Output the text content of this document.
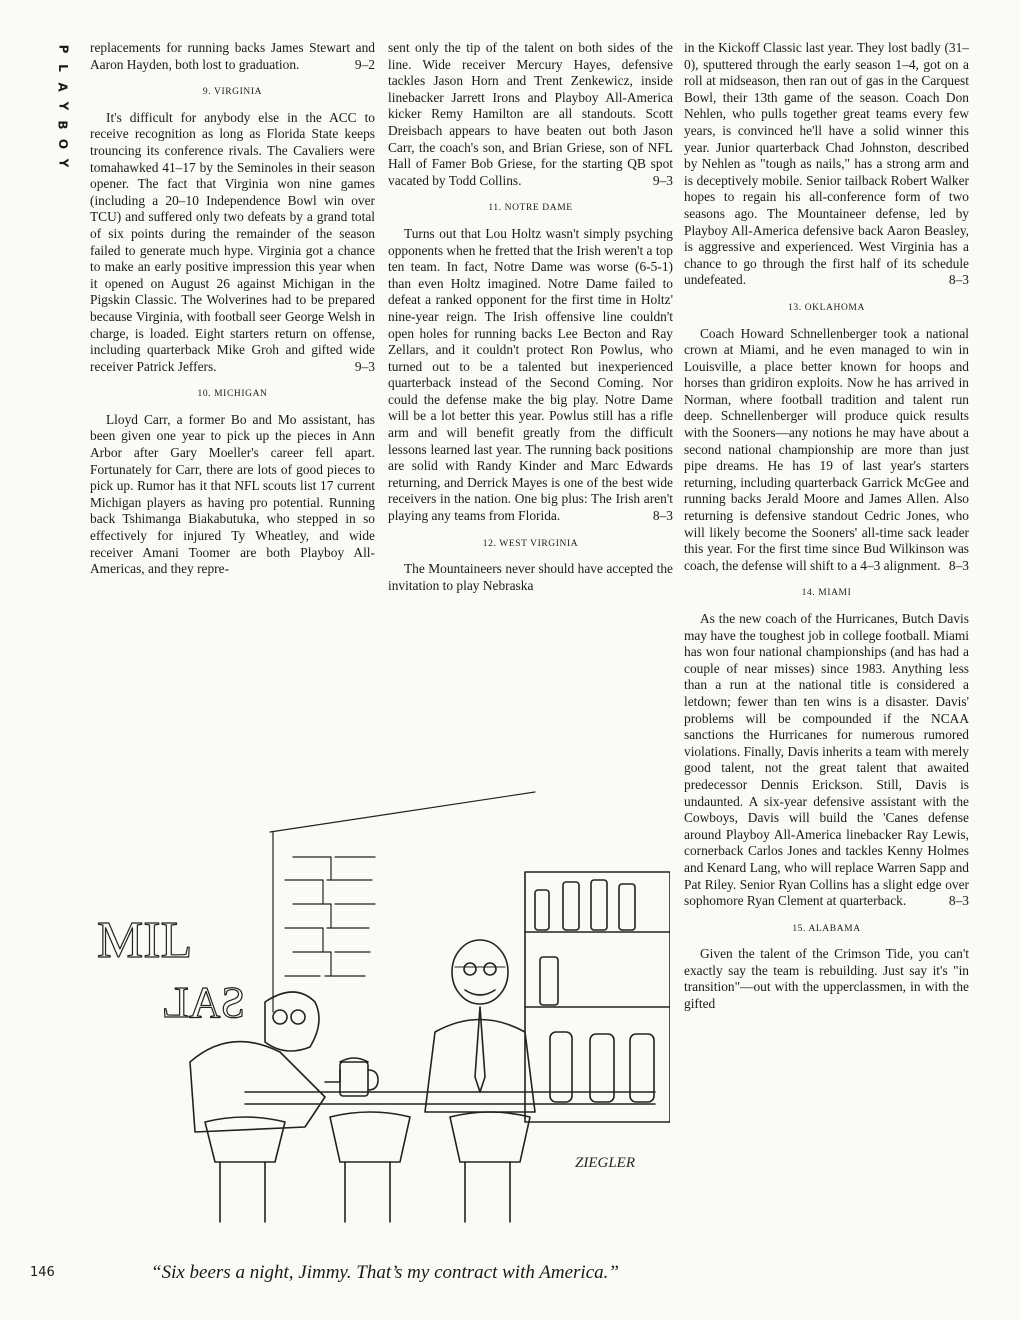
P
L
A
Y
B
O
Y

replacements for running backs James Stewart and Aaron Hayden, both lost to graduation.	9–2

9. VIRGINIA

It's difficult for anybody else in the ACC to receive recognition as long as Florida State keeps trouncing its conference rivals. The Cavaliers were tomahawked 41–17 by the Seminoles in their season opener. The fact that Virginia won nine games (including a 20–10 Independence Bowl win over TCU) and suffered only two defeats by a grand total of six points during the remainder of the season failed to generate much hype. Virginia got a chance to make an early positive impression this year when it opened on August 26 against Michigan in the Pigskin Classic. The Wolverines had to be prepared because Virginia, with football seer George Welsh in charge, is loaded. Eight starters return on offense, including quarterback Mike Groh and gifted wide receiver Patrick Jeffers.	9–3

10. MICHIGAN

Lloyd Carr, a former Bo and Mo assistant, has been given one year to pick up the pieces in Ann Arbor after Gary Moeller's career fell apart. Fortunately for Carr, there are lots of good pieces to pick up. Rumor has it that NFL scouts list 17 current Michigan players as having pro potential. Running back Tshimanga Biakabutuka, who stepped in so effectively for injured Ty Wheatley, and wide receiver Amani Toomer are both Playboy All-Americas, and they repre-

sent only the tip of the talent on both sides of the line. Wide receiver Mercury Hayes, defensive tackles Jason Horn and Trent Zenkewicz, inside linebacker Jarrett Irons and Playboy All-America kicker Remy Hamilton are all standouts. Scott Dreisbach appears to have beaten out both Jason Carr, the coach's son, and Brian Griese, son of NFL Hall of Famer Bob Griese, for the starting QB spot vacated by Todd Collins.	9–3

11. NOTRE DAME

Turns out that Lou Holtz wasn't simply psyching opponents when he fretted that the Irish weren't a top ten team. In fact, Notre Dame was worse (6-5-1) than even Holtz imagined. Notre Dame failed to defeat a ranked opponent for the first time in Holtz' nine-year reign. The Irish offensive line couldn't open holes for running backs Lee Becton and Ray Zellars, and it couldn't protect Ron Powlus, who turned out to be a talented but inexperienced quarterback instead of the Second Coming. Nor could the defense make the big play. Notre Dame will be a lot better this year. Powlus still has a rifle arm and will benefit greatly from the difficult lessons learned last year. The running back positions are solid with Randy Kinder and Marc Edwards returning, and Derrick Mayes is one of the best wide receivers in the nation. One big plus: The Irish aren't playing any teams from Florida.	8–3

12. WEST VIRGINIA

The Mountaineers never should have accepted the invitation to play Nebraska

in the Kickoff Classic last year. They lost badly (31–0), sputtered through the early season 1–4, got on a roll at midseason, then ran out of gas in the Carquest Bowl, their 13th game of the season. Coach Don Nehlen, who pulls together great teams every few years, is convinced he'll have a solid winner this year. Junior quarterback Chad Johnston, described by Nehlen as "tough as nails," has a strong arm and is deceptively mobile. Senior tailback Robert Walker hopes to regain his all-conference form of two seasons ago. The Mountaineer defense, led by Playboy All-America defensive back Aaron Beasley, is aggressive and experienced. West Virginia has a chance to go through the first half of its schedule undefeated.	8–3

13. OKLAHOMA

Coach Howard Schnellenberger took a national crown at Miami, and he even managed to win in Louisville, a place better known for hoops and horses than gridiron exploits. Now he has arrived in Norman, where football tradition and talent run deep. Schnellenberger will produce quick results with the Sooners—any notions he may have about a second national championship are more than just pipe dreams. He has 19 of last year's starters returning, including quarterback Garrick McGee and running backs Jerald Moore and James Allen. Also returning is defensive standout Cedric Jones, who will likely become the Sooners' all-time sack leader this year. For the first time since Bud Wilkinson was coach, the defense will shift to a 4–3 alignment. 8–3

14. MIAMI

As the new coach of the Hurricanes, Butch Davis may have the toughest job in college football. Miami has won four national championships (and has had a couple of near misses) since 1983. Anything less than a run at the national title is considered a letdown; fewer than ten wins is a disaster. Davis' problems will be compounded if the NCAA sanctions the Hurricanes for numerous rumored violations. Finally, Davis inherits a team with merely good talent, not the great talent that awaited predecessor Dennis Erickson. Still, Davis is undaunted. A six-year defensive assistant with the Cowboys, Davis will build the 'Canes defense around Playboy All-America linebacker Ray Lewis, cornerback Carlos Jones and tackles Kenny Holmes and Kenard Lang, who will replace Warren Sapp and Pat Riley. Senior Ryan Collins has a slight edge over sophomore Ryan Clement at quarterback.	8–3

15. ALABAMA

Given the talent of the Crimson Tide, you can't exactly say the team is rebuilding. Just say it's "in transition"—out with the upperclassmen, in with the gifted

MIL
SAL
ZIEGLER
“Six beers a night, Jimmy. That’s my contract with America.”
146
